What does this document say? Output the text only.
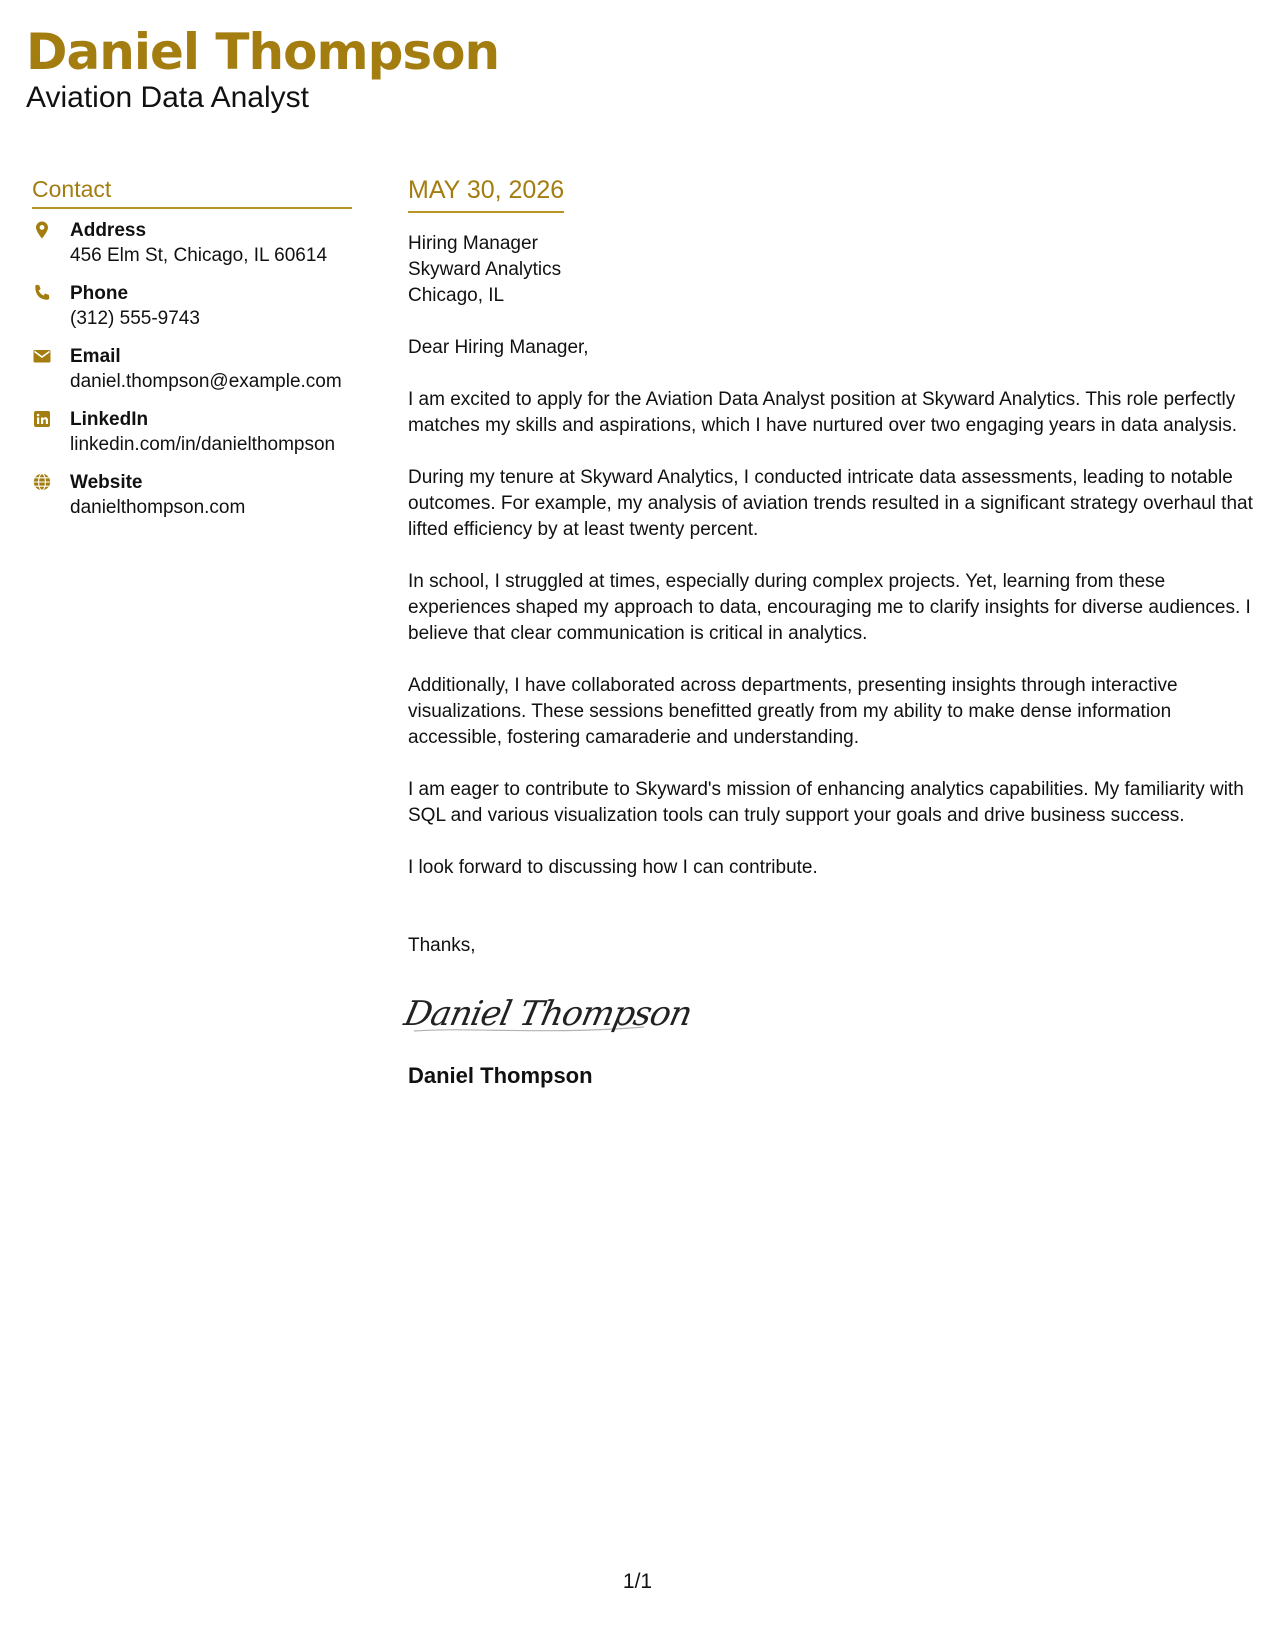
Daniel Thompson
Aviation Data Analyst
Contact
Address
456 Elm St, Chicago, IL 60614
Phone
(312) 555-9743
Email
daniel.thompson@example.com
LinkedIn
linkedin.com/in/danielthompson
Website
danielthompson.com
MAY 30, 2026
Hiring Manager
Skyward Analytics
Chicago, IL
Dear Hiring Manager,
I am excited to apply for the Aviation Data Analyst position at Skyward Analytics. This role perfectly matches my skills and aspirations, which I have nurtured over two engaging years in data analysis.
During my tenure at Skyward Analytics, I conducted intricate data assessments, leading to notable outcomes. For example, my analysis of aviation trends resulted in a significant strategy overhaul that lifted efficiency by at least twenty percent.
In school, I struggled at times, especially during complex projects. Yet, learning from these experiences shaped my approach to data, encouraging me to clarify insights for diverse audiences. I believe that clear communication is critical in analytics.
Additionally, I have collaborated across departments, presenting insights through interactive visualizations. These sessions benefitted greatly from my ability to make dense information accessible, fostering camaraderie and understanding.
I am eager to contribute to Skyward's mission of enhancing analytics capabilities. My familiarity with SQL and various visualization tools can truly support your goals and drive business success.
I look forward to discussing how I can contribute.
Thanks,
Daniel Thompson
Daniel Thompson
1/1
